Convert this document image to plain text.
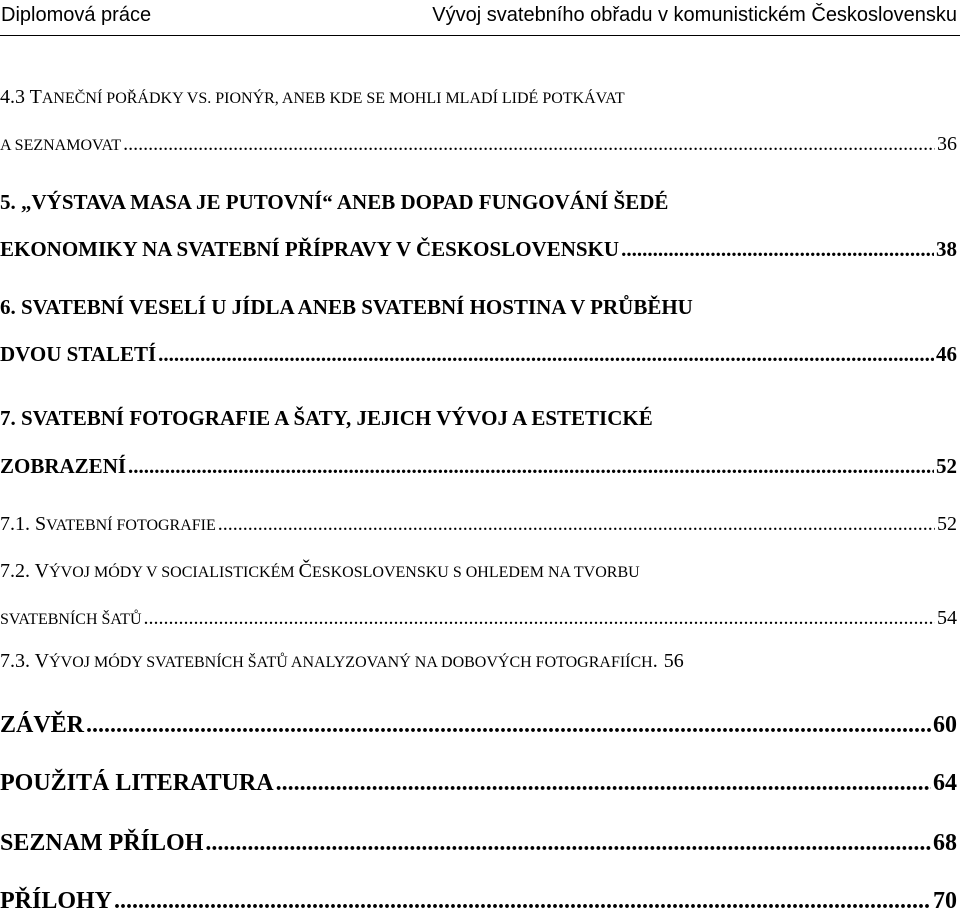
Diplomová práce	Vývoj svatebního obřadu v komunistickém Československu
4.3 TANEČNÍ POŘÁDKY VS. PIONÝR, ANEB KDE SE MOHLI MLADÍ LIDÉ POTKÁVAT
A SEZNAMOVAT .....	36
5. „VÝSTAVA MASA JE PUTOVNÍ“ ANEB DOPAD FUNGOVÁNÍ ŠEDÉ
EKONOMIKY NA SVATEBNÍ PŘÍPRAVY V ČESKOSLOVENSKU .....	38
6. SVATEBNÍ VESELÍ U JÍDLA ANEB SVATEBNÍ HOSTINA V PRŮBĚHU
DVOU STALETÍ .....	46
7. SVATEBNÍ FOTOGRAFIE A ŠATY, JEJICH VÝVOJ A ESTETICKÉ
ZOBRAZENÍ .....	52
7.1. SVATEBNÍ FOTOGRAFIE .....	52
7.2. VÝVOJ MÓDY V SOCIALISTICKÉM ČESKOSLOVENSKU S OHLEDEM NA TVORBU
SVATEBNÍCH ŠATŮ .....	54
7.3. VÝVOJ MÓDY SVATEBNÍCH ŠATŮ ANALYZOVANÝ NA DOBOVÝCH FOTOGRAFIÍCH. 56
ZÁVĚR .....	60
POUŽITÁ LITERATURA .....	64
SEZNAM PŘÍLOH .....	68
PŘÍLOHY .....	70
